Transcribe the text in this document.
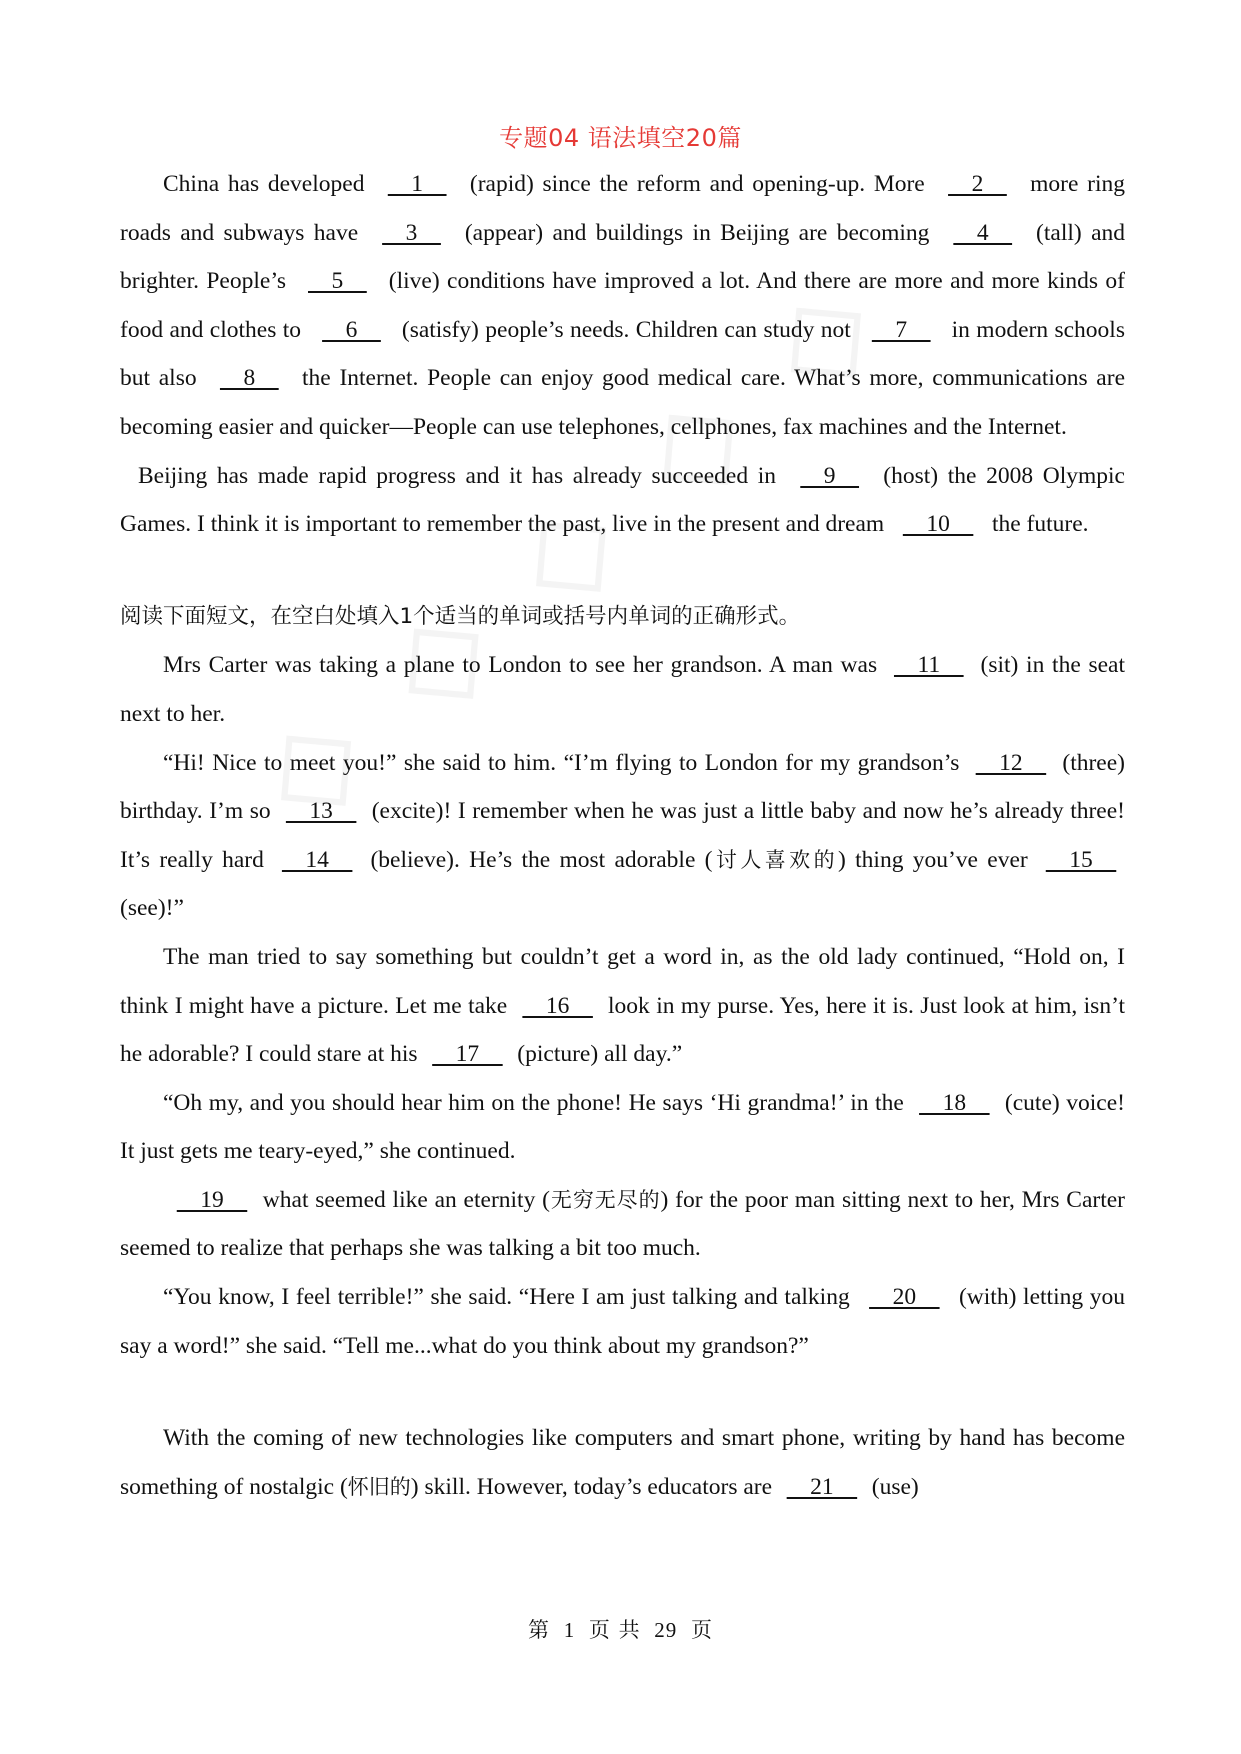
专题04 语法填空20篇

China has developed     1     (rapid) since the reform and opening-up. More     2     more ring roads and subways have     3     (appear) and buildings in Beijing are becoming     4     (tall) and brighter. People’s     5     (live) conditions have improved a lot. And there are more and more kinds of food and clothes to     6     (satisfy) people’s needs. Children can study not     7     in modern schools but also     8     the Internet. People can enjoy good medical care. What’s more, communications are becoming easier and quicker—People can use telephones, cellphones, fax machines and the Internet.

Beijing has made rapid progress and it has already succeeded in     9     (host) the 2008 Olympic Games. I think it is important to remember the past, live in the present and dream     10     the future.

阅读下面短文，在空白处填入1个适当的单词或括号内单词的正确形式。

Mrs Carter was taking a plane to London to see her grandson. A man was     11     (sit) in the seat next to her.

“Hi! Nice to meet you!” she said to him. “I’m flying to London for my grandson’s     12     (three) birthday. I’m so     13     (excite)! I remember when he was just a little baby and now he’s already three! It’s really hard     14     (believe). He’s the most adorable (讨人喜欢的) thing you’ve ever     15     (see)!”

The man tried to say something but couldn’t get a word in, as the old lady continued, “Hold on, I think I might have a picture. Let me take     16     look in my purse. Yes, here it is. Just look at him, isn’t he adorable? I could stare at his     17     (picture) all day.”

“Oh my, and you should hear him on the phone! He says ‘Hi grandma!’ in the     18     (cute) voice! It just gets me teary-eyed,” she continued.

19     what seemed like an eternity (无穷无尽的) for the poor man sitting next to her, Mrs Carter seemed to realize that perhaps she was talking a bit too much.

“You know, I feel terrible!” she said. “Here I am just talking and talking     20     (with) letting you say a word!” she said. “Tell me...what do you think about my grandson?”

With the coming of new technologies like computers and smart phone, writing by hand has become something of nostalgic (怀旧的) skill. However, today’s educators are     21     (use)

第 1 页 共 29 页
